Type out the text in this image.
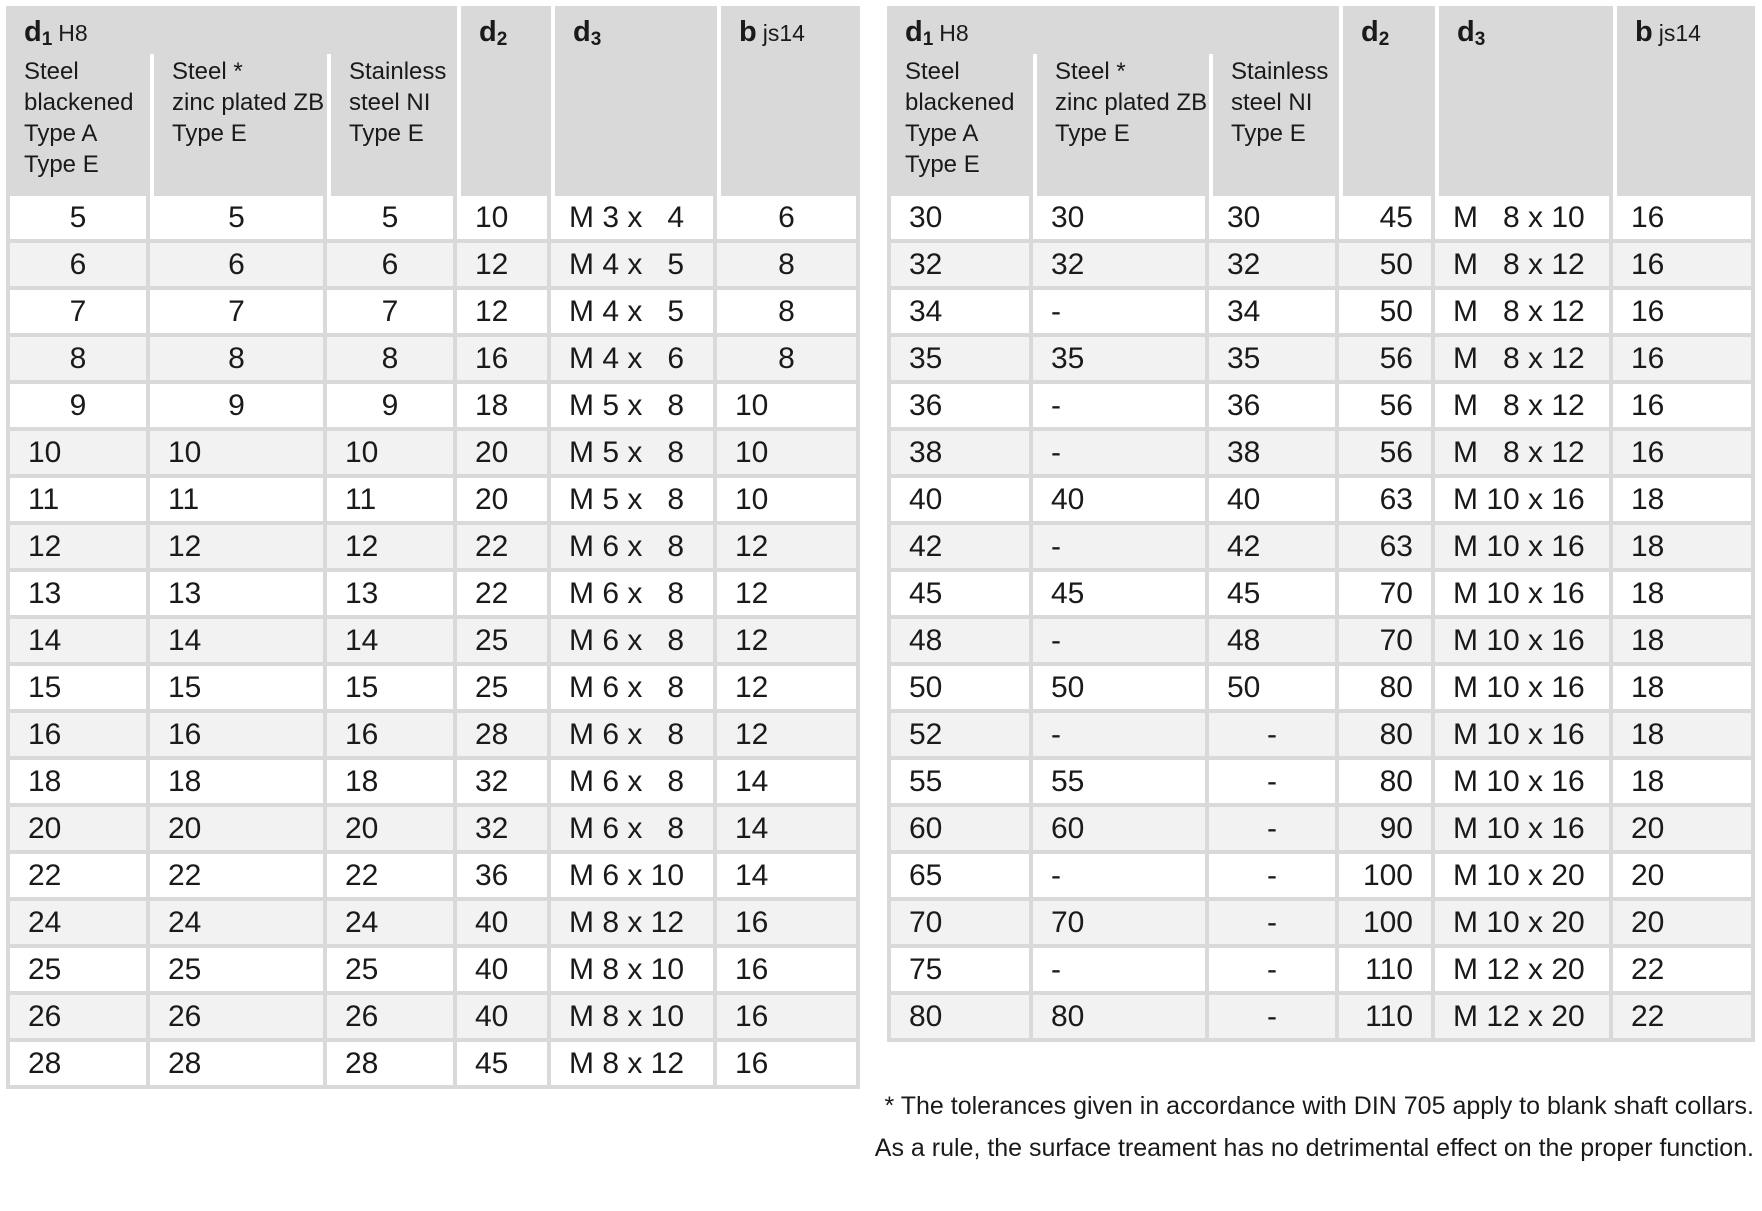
$d_1$ H8			$d_2$	$d_3$	b js14

Steel
blackened
Type A
Type E	Steel *
zinc plated ZB
Type E	Stainless
steel NI
Type E			

5	5	5	10	M 3 x   4	6
6	6	6	12	M 4 x   5	8
7	7	7	12	M 4 x   5	8
8	8	8	16	M 4 x   6	8
9	9	9	18	M 5 x   8	10
10	10	10	20	M 5 x   8	10
11	11	11	20	M 5 x   8	10
12	12	12	22	M 6 x   8	12
13	13	13	22	M 6 x   8	12
14	14	14	25	M 6 x   8	12
15	15	15	25	M 6 x   8	12
16	16	16	28	M 6 x   8	12
18	18	18	32	M 6 x   8	14
20	20	20	32	M 6 x   8	14
22	22	22	36	M 6 x 10	14
24	24	24	40	M 8 x 12	16
25	25	25	40	M 8 x 10	16
26	26	26	40	M 8 x 10	16
28	28	28	45	M 8 x 12	16
$d_1$ H8			$d_2$	$d_3$	b js14

Steel
blackened
Type A
Type E	Steel *
zinc plated ZB
Type E	Stainless
steel NI
Type E			

30	30	30	45	M   8 x 10	16
32	32	32	50	M   8 x 12	16
34	-	34	50	M   8 x 12	16
35	35	35	56	M   8 x 12	16
36	-	36	56	M   8 x 12	16
38	-	38	56	M   8 x 12	16
40	40	40	63	M 10 x 16	18
42	-	42	63	M 10 x 16	18
45	45	45	70	M 10 x 16	18
48	-	48	70	M 10 x 16	18
50	50	50	80	M 10 x 16	18
52	-	-	80	M 10 x 16	18
55	55	-	80	M 10 x 16	18
60	60	-	90	M 10 x 16	20
65	-	-	100	M 10 x 20	20
70	70	-	100	M 10 x 20	20
75	-	-	110	M 12 x 20	22
80	80	-	110	M 12 x 20	22
* The tolerances given in accordance with DIN 705 apply to blank shaft collars.
As a rule, the surface treament has no detrimental effect on the proper function.
